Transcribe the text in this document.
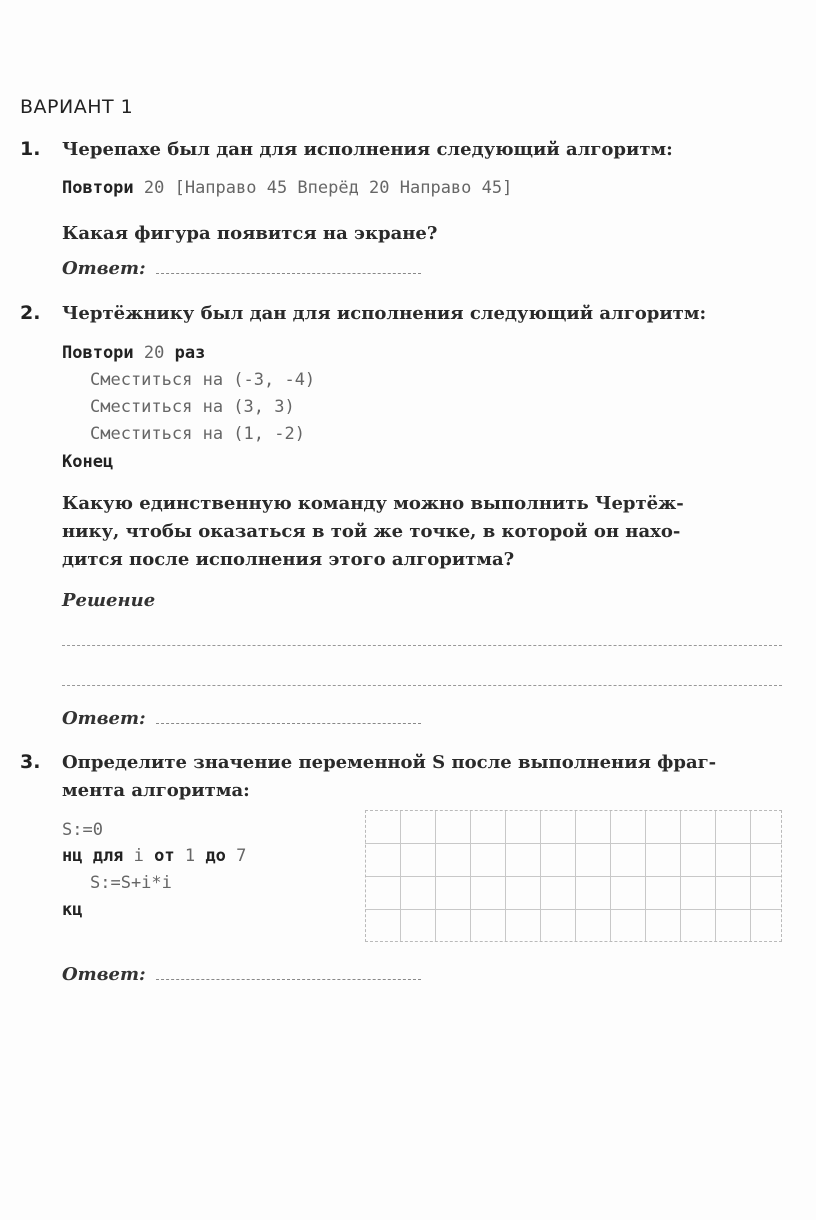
ВАРИАНТ 1
1. Черепахе был дан для исполнения следующий алгоритм:
Повтори 20 [Направо 45 Вперёд 20 Направо 45]
Какая фигура появится на экране?
Ответ:
2. Чертёжнику был дан для исполнения следующий алгоритм:
Повтори 20 раз
Сместиться на (-3, -4)
Сместиться на (3, 3)
Сместиться на (1, -2)
Конец
Какую единственную команду можно выполнить Чертёж-
нику, чтобы оказаться в той же точке, в которой он нахо-
дится после исполнения этого алгоритма?
Решение
Ответ:
3. Определите значение переменной S после выполнения фраг-
мента алгоритма:
S:=0
нц для i от 1 до 7
S:=S+i*i
кц
Ответ:
